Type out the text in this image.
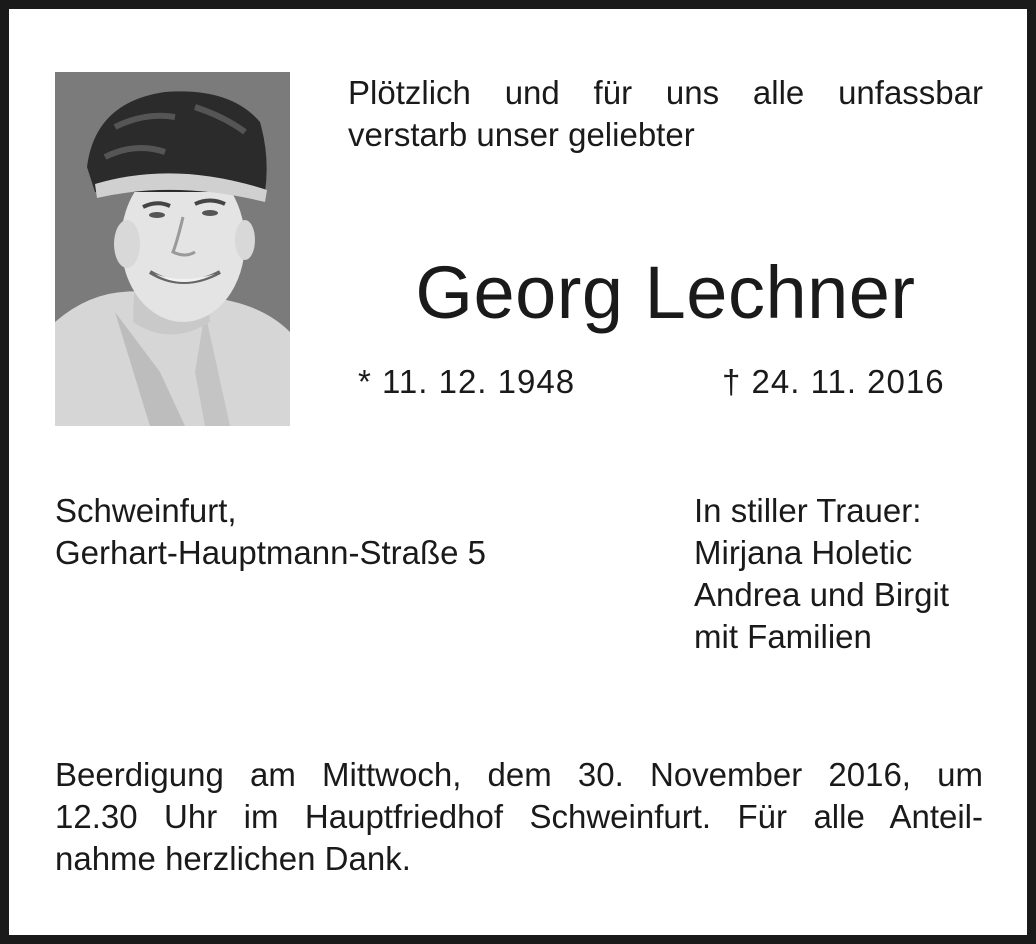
Plötzlich und für uns alle unfassbar
verstarb unser geliebter
Georg Lechner
* 11. 12. 1948	† 24. 11. 2016
Schweinfurt,
Gerhart-Hauptmann-Straße 5
In stiller Trauer:
Mirjana Holetic
Andrea und Birgit
mit Familien
Beerdigung am Mittwoch, dem 30. November 2016, um
12.30 Uhr im Hauptfriedhof Schweinfurt. Für alle Anteil-
nahme herzlichen Dank.
